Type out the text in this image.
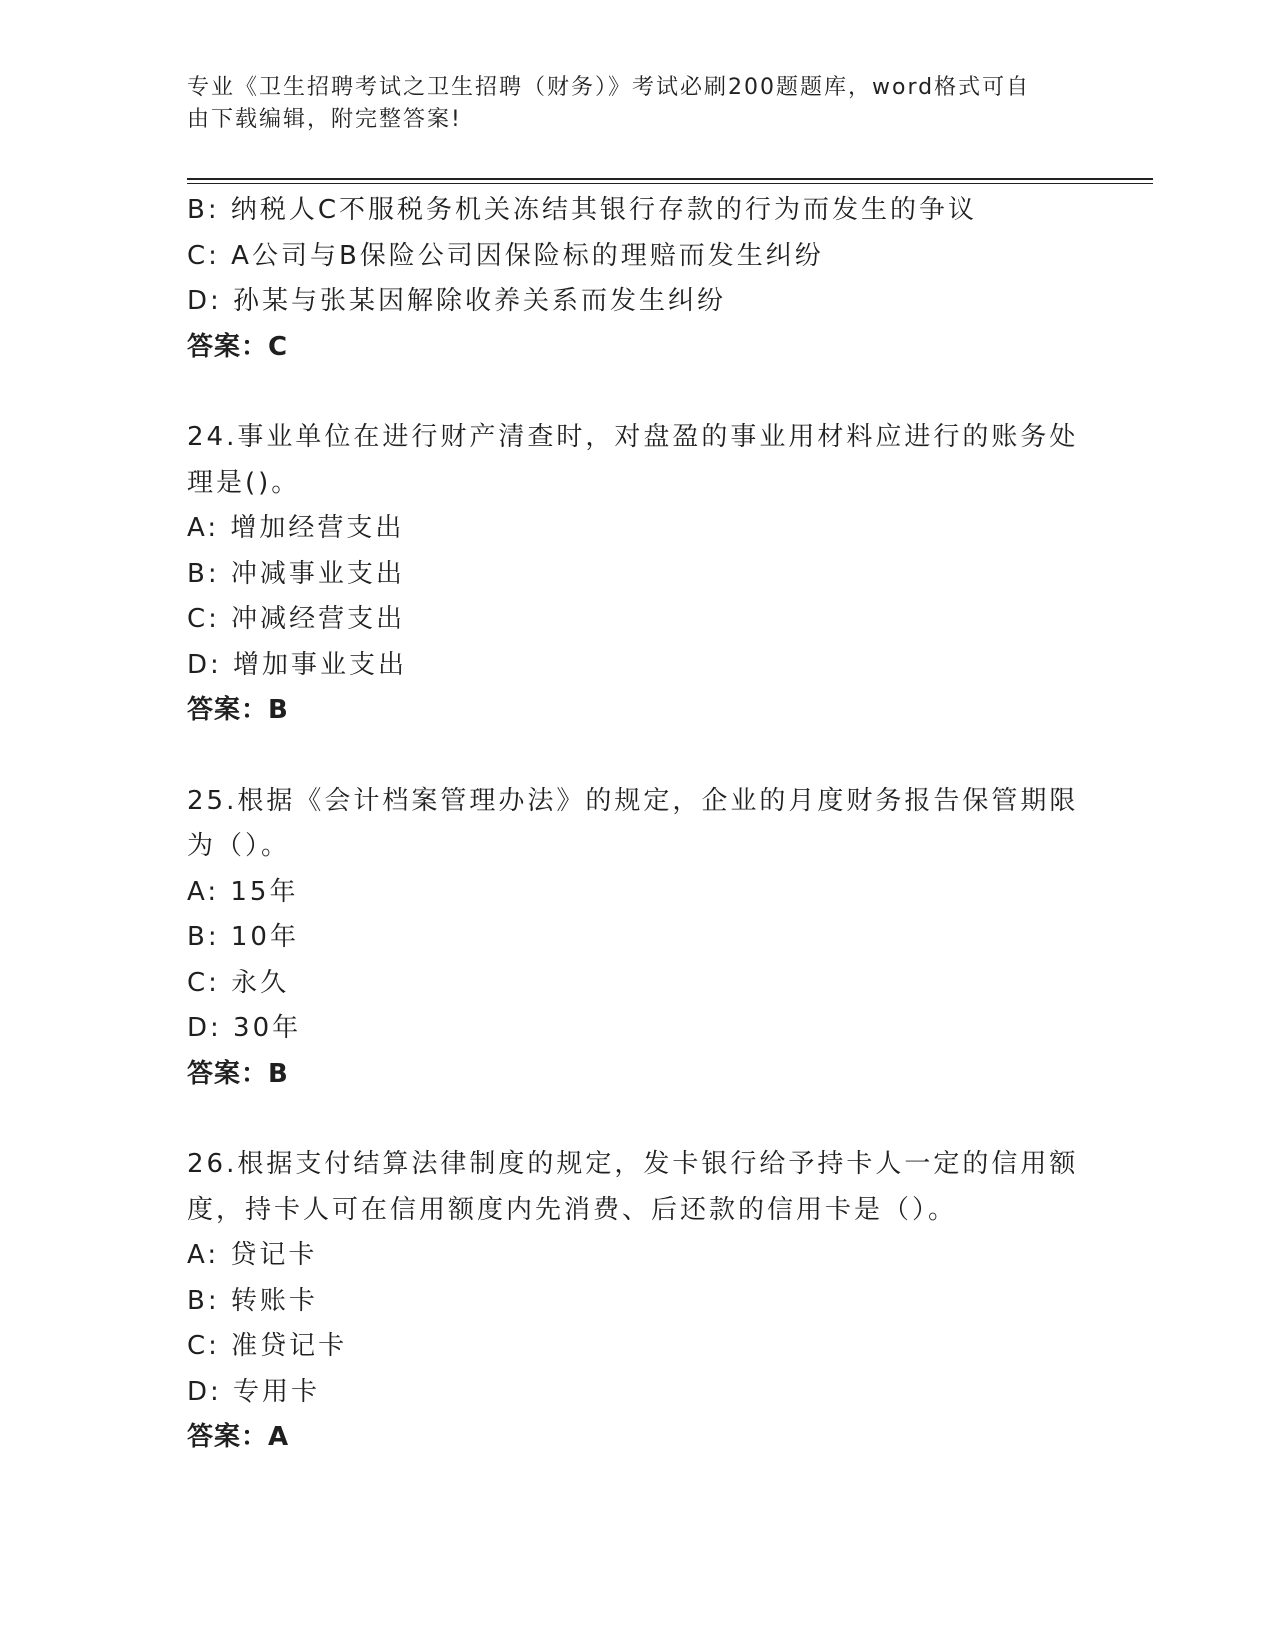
专业《卫生招聘考试之卫生招聘（财务）》考试必刷200题题库，word格式可自
由下载编辑，附完整答案!
B: 纳税人C不服税务机关冻结其银行存款的行为而发生的争议
C: A公司与B保险公司因保险标的理赔而发生纠纷
D: 孙某与张某因解除收养关系而发生纠纷
答案：C
24.事业单位在进行财产清查时，对盘盈的事业用材料应进行的账务处
理是()。
A: 增加经营支出
B: 冲减事业支出
C: 冲减经营支出
D: 增加事业支出
答案：B
25.根据《会计档案管理办法》的规定，企业的月度财务报告保管期限
为（）。
A: 15年
B: 10年
C: 永久
D: 30年
答案：B
26.根据支付结算法律制度的规定，发卡银行给予持卡人一定的信用额
度，持卡人可在信用额度内先消费、后还款的信用卡是（）。
A: 贷记卡
B: 转账卡
C: 准贷记卡
D: 专用卡
答案：A
